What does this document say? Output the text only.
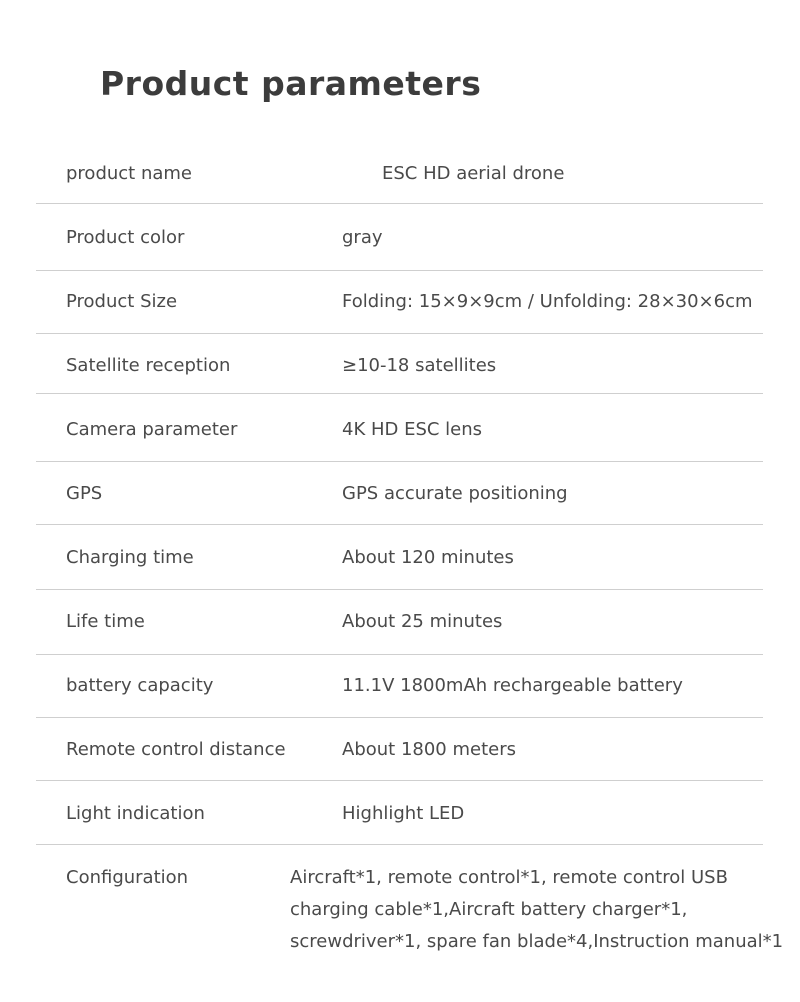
Product parameters
product name	ESC HD aerial drone
Product color	gray
Product Size	Folding: 15×9×9cm / Unfolding: 28×30×6cm
Satellite reception	≥10-18 satellites
Camera parameter	4K HD ESC lens
GPS	GPS accurate positioning
Charging time	About 120 minutes
Life time	About 25 minutes
battery capacity	11.1V 1800mAh rechargeable battery
Remote control distance	About 1800 meters
Light indication	Highlight LED
Configuration	Aircraft*1, remote control*1, remote control USB
charging cable*1,Aircraft battery charger*1,
screwdriver*1, spare fan blade*4,Instruction manual*1
